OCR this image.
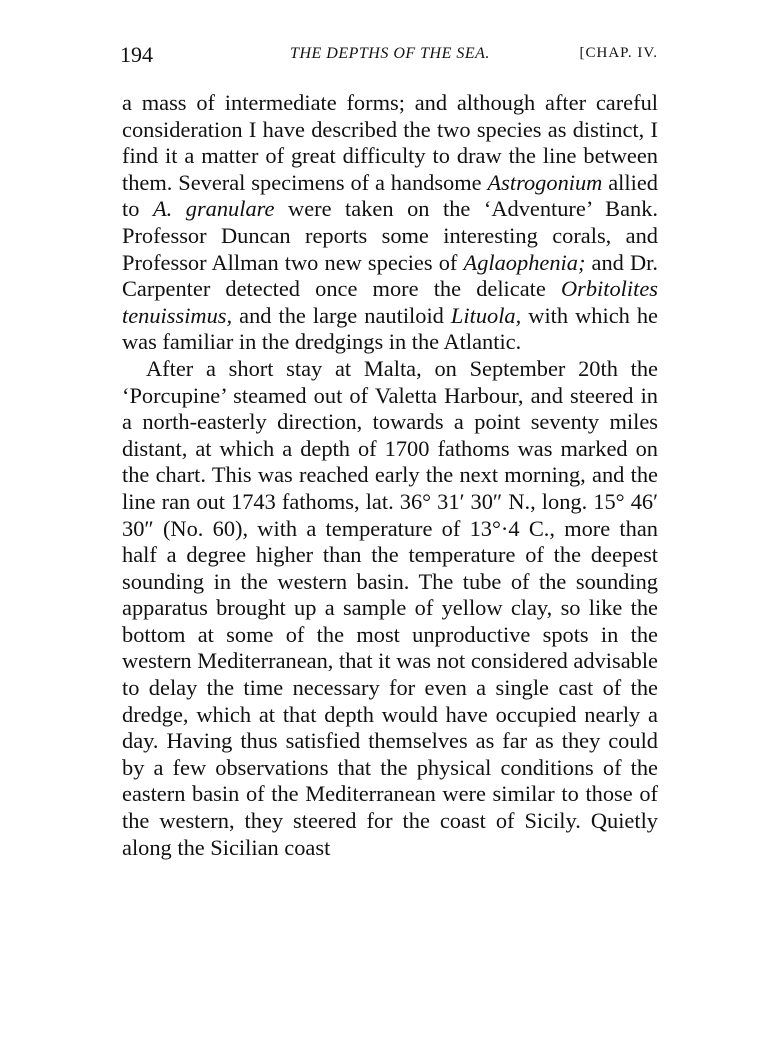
194	THE DEPTHS OF THE SEA.	[CHAP. IV.

a mass of intermediate forms; and although after careful consideration I have described the two species as distinct, I find it a matter of great difficulty to draw the line between them. Several specimens of a handsome Astrogonium allied to A. granulare were taken on the ‘Adventure’ Bank. Professor Duncan reports some interesting corals, and Professor Allman two new species of Aglaophenia; and Dr. Carpenter detected once more the delicate Orbitolites tenuissimus, and the large nautiloid Lituola, with which he was familiar in the dredgings in the Atlantic.

After a short stay at Malta, on September 20th the ‘Porcupine’ steamed out of Valetta Harbour, and steered in a north-easterly direction, towards a point seventy miles distant, at which a depth of 1700 fathoms was marked on the chart. This was reached early the next morning, and the line ran out 1743 fathoms, lat. 36° 31′ 30″ N., long. 15° 46′ 30″ (No. 60), with a temperature of 13°·4 C., more than half a degree higher than the temperature of the deepest sounding in the western basin. The tube of the sounding apparatus brought up a sample of yellow clay, so like the bottom at some of the most unproductive spots in the western Mediterranean, that it was not considered advisable to delay the time necessary for even a single cast of the dredge, which at that depth would have occupied nearly a day. Having thus satisfied themselves as far as they could by a few observations that the physical conditions of the eastern basin of the Mediterranean were similar to those of the western, they steered for the coast of Sicily. Quietly along the Sicilian coast
